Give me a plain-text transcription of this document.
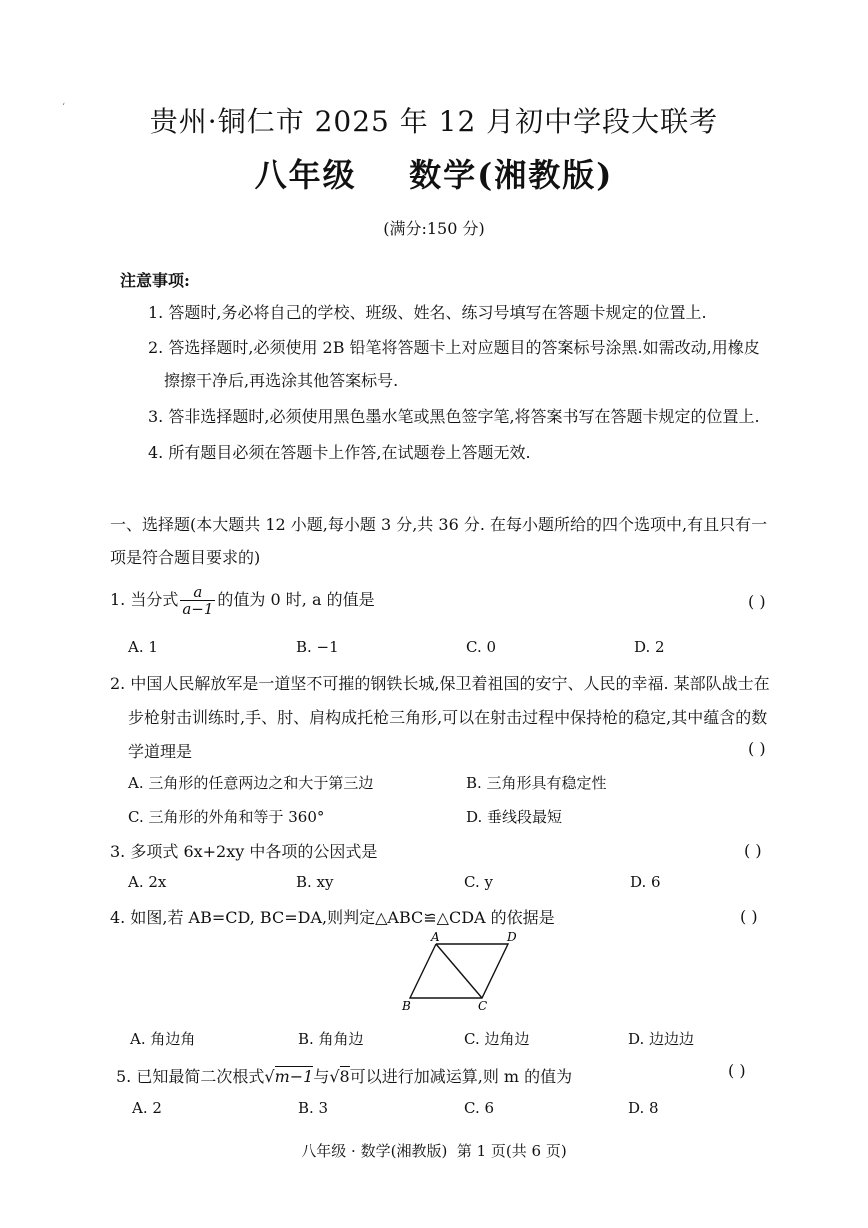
ʻ	贵州·铜仁市 2025 年 12 月初中学段大联考
八年级    数学(湘教版)
(满分:150 分)
注意事项:
1. 答题时,务必将自己的学校、班级、姓名、练习号填写在答题卡规定的位置上.
2. 答选择题时,必须使用 2B 铅笔将答题卡上对应题目的答案标号涂黑.如需改动,用橡皮
擦擦干净后,再选涂其他答案标号.
3. 答非选择题时,必须使用黑色墨水笔或黑色签字笔,将答案书写在答题卡规定的位置上.
4. 所有题目必须在答题卡上作答,在试题卷上答题无效.
一、选择题(本大题共 12 小题,每小题 3 分,共 36 分. 在每小题所给的四个选项中,有且只有一
项是符合题目要求的)
1. 当分式 $\frac{a}{a-1}$ 的值为 0 时, a 的值是	( )
A. 1	B. −1	C. 0	D. 2
2. 中国人民解放军是一道坚不可摧的钢铁长城,保卫着祖国的安宁、人民的幸福. 某部队战士在
步枪射击训练时,手、肘、肩构成托枪三角形,可以在射击过程中保持枪的稳定,其中蕴含的数
学道理是	( )
A. 三角形的任意两边之和大于第三边	B. 三角形具有稳定性
C. 三角形的外角和等于 360°	D. 垂线段最短
3. 多项式 6x+2xy 中各项的公因式是	( )
A. 2x	B. xy	C. y	D. 6
4. 如图,若 AB=CD, BC=DA,则判定△ABC≌△CDA 的依据是	( )
A	D
B	C
A. 角边角	B. 角角边	C. 边角边	D. 边边边
5. 已知最简二次根式√m−1与√8可以进行加减运算,则 m 的值为	( )
A. 2	B. 3	C. 6	D. 8
八年级 · 数学(湘教版)  第 1 页(共 6 页)
